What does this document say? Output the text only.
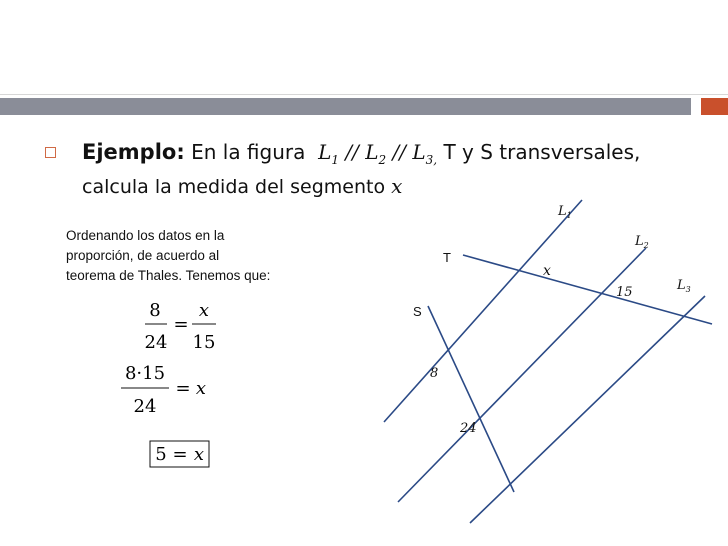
Ejemplo: En la figura $L_1 // L_2 // L_{3,}$ T y S transversales,
calcula la medida del segmento x
Ordenando los datos en la
proporción, de acuerdo al
teorema de Thales. Tenemos que:
8
24
=
x
15
8·15
24
= x
5 = x
$L_1$
$L_2$
$L_3$
x
15
8
24
T
S
